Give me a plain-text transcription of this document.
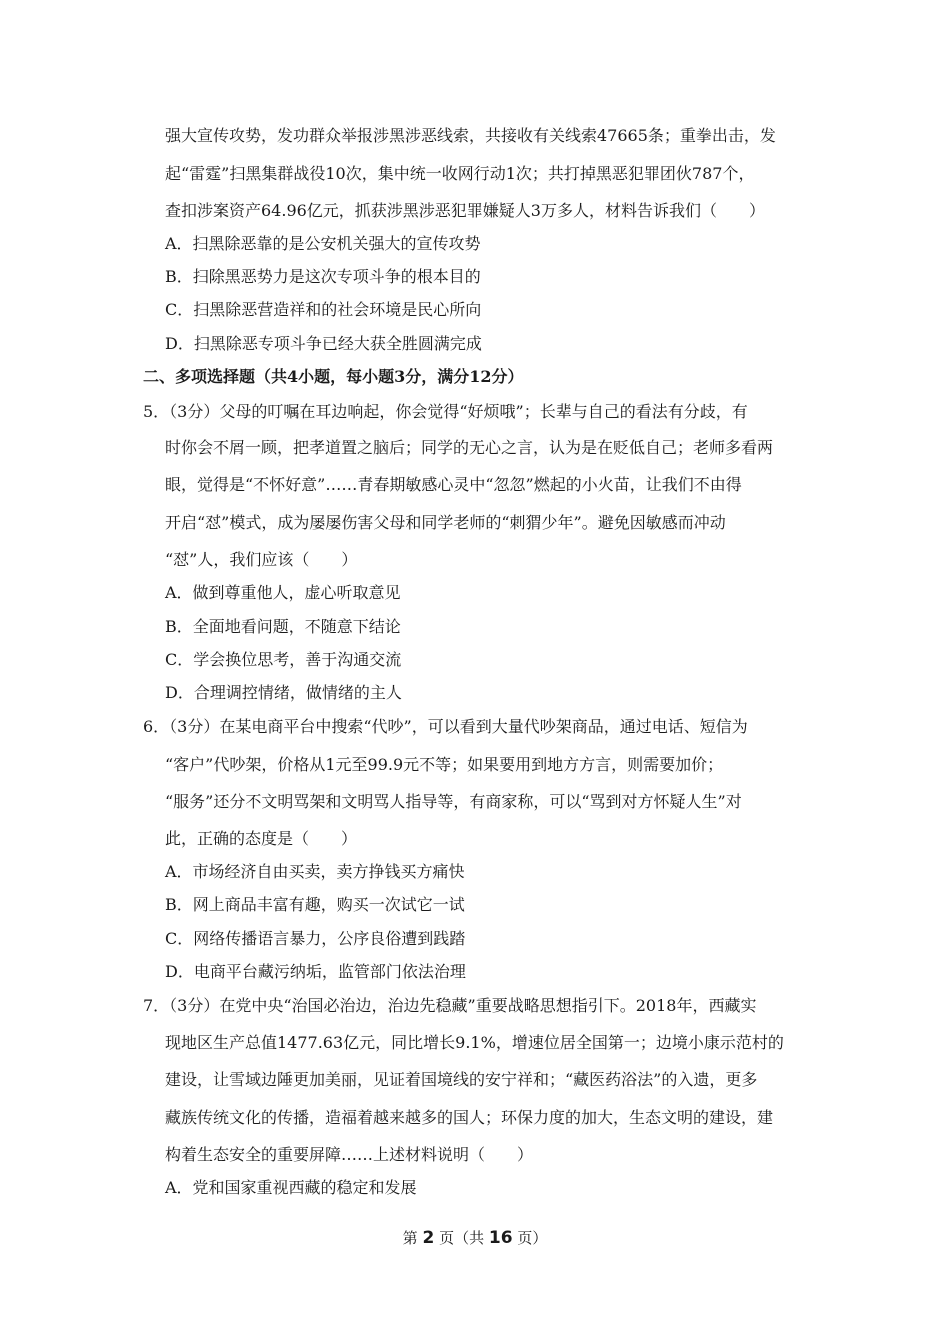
强大宣传攻势，发功群众举报涉黑涉恶线索，共接收有关线索47665条；重拳出击，发
起“雷霆”扫黑集群战役10次，集中统一收网行动1次；共打掉黑恶犯罪团伙787个，
查扣涉案资产64.96亿元，抓获涉黑涉恶犯罪嫌疑人3万多人，材料告诉我们（　　）
A．扫黑除恶靠的是公安机关强大的宣传攻势
B．扫除黑恶势力是这次专项斗争的根本目的
C．扫黑除恶营造祥和的社会环境是民心所向
D．扫黑除恶专项斗争已经大获全胜圆满完成
二、多项选择题（共4小题，每小题3分，满分12分）
5．（3分）父母的叮嘱在耳边响起，你会觉得“好烦哦”；长辈与自己的看法有分歧，有
时你会不屑一顾，把孝道置之脑后；同学的无心之言，认为是在贬低自己；老师多看两
眼，觉得是“不怀好意”……青春期敏感心灵中“忽忽”燃起的小火苗，让我们不由得
开启“怼”模式，成为屡屡伤害父母和同学老师的“刺猬少年”。避免因敏感而冲动
“怼”人，我们应该（　　）
A．做到尊重他人，虚心听取意见
B．全面地看问题，不随意下结论
C．学会换位思考，善于沟通交流
D．合理调控情绪，做情绪的主人
6．（3分）在某电商平台中搜索“代吵”，可以看到大量代吵架商品，通过电话、短信为
“客户”代吵架，价格从1元至99.9元不等；如果要用到地方方言，则需要加价；
“服务”还分不文明骂架和文明骂人指导等，有商家称，可以“骂到对方怀疑人生”对
此，正确的态度是（　　）
A．市场经济自由买卖，卖方挣钱买方痛快
B．网上商品丰富有趣，购买一次试它一试
C．网络传播语言暴力，公序良俗遭到践踏
D．电商平台藏污纳垢，监管部门依法治理
7．（3分）在党中央“治国必治边，治边先稳藏”重要战略思想指引下。2018年，西藏实
现地区生产总值1477.63亿元，同比增长9.1%，增速位居全国第一；边境小康示范村的
建设，让雪域边陲更加美丽，见证着国境线的安宁祥和；“藏医药浴法”的入遗，更多
藏族传统文化的传播，造福着越来越多的国人；环保力度的加大，生态文明的建设，建
构着生态安全的重要屏障……上述材料说明（　　）
A．党和国家重视西藏的稳定和发展
第 2 页（共 16 页）
